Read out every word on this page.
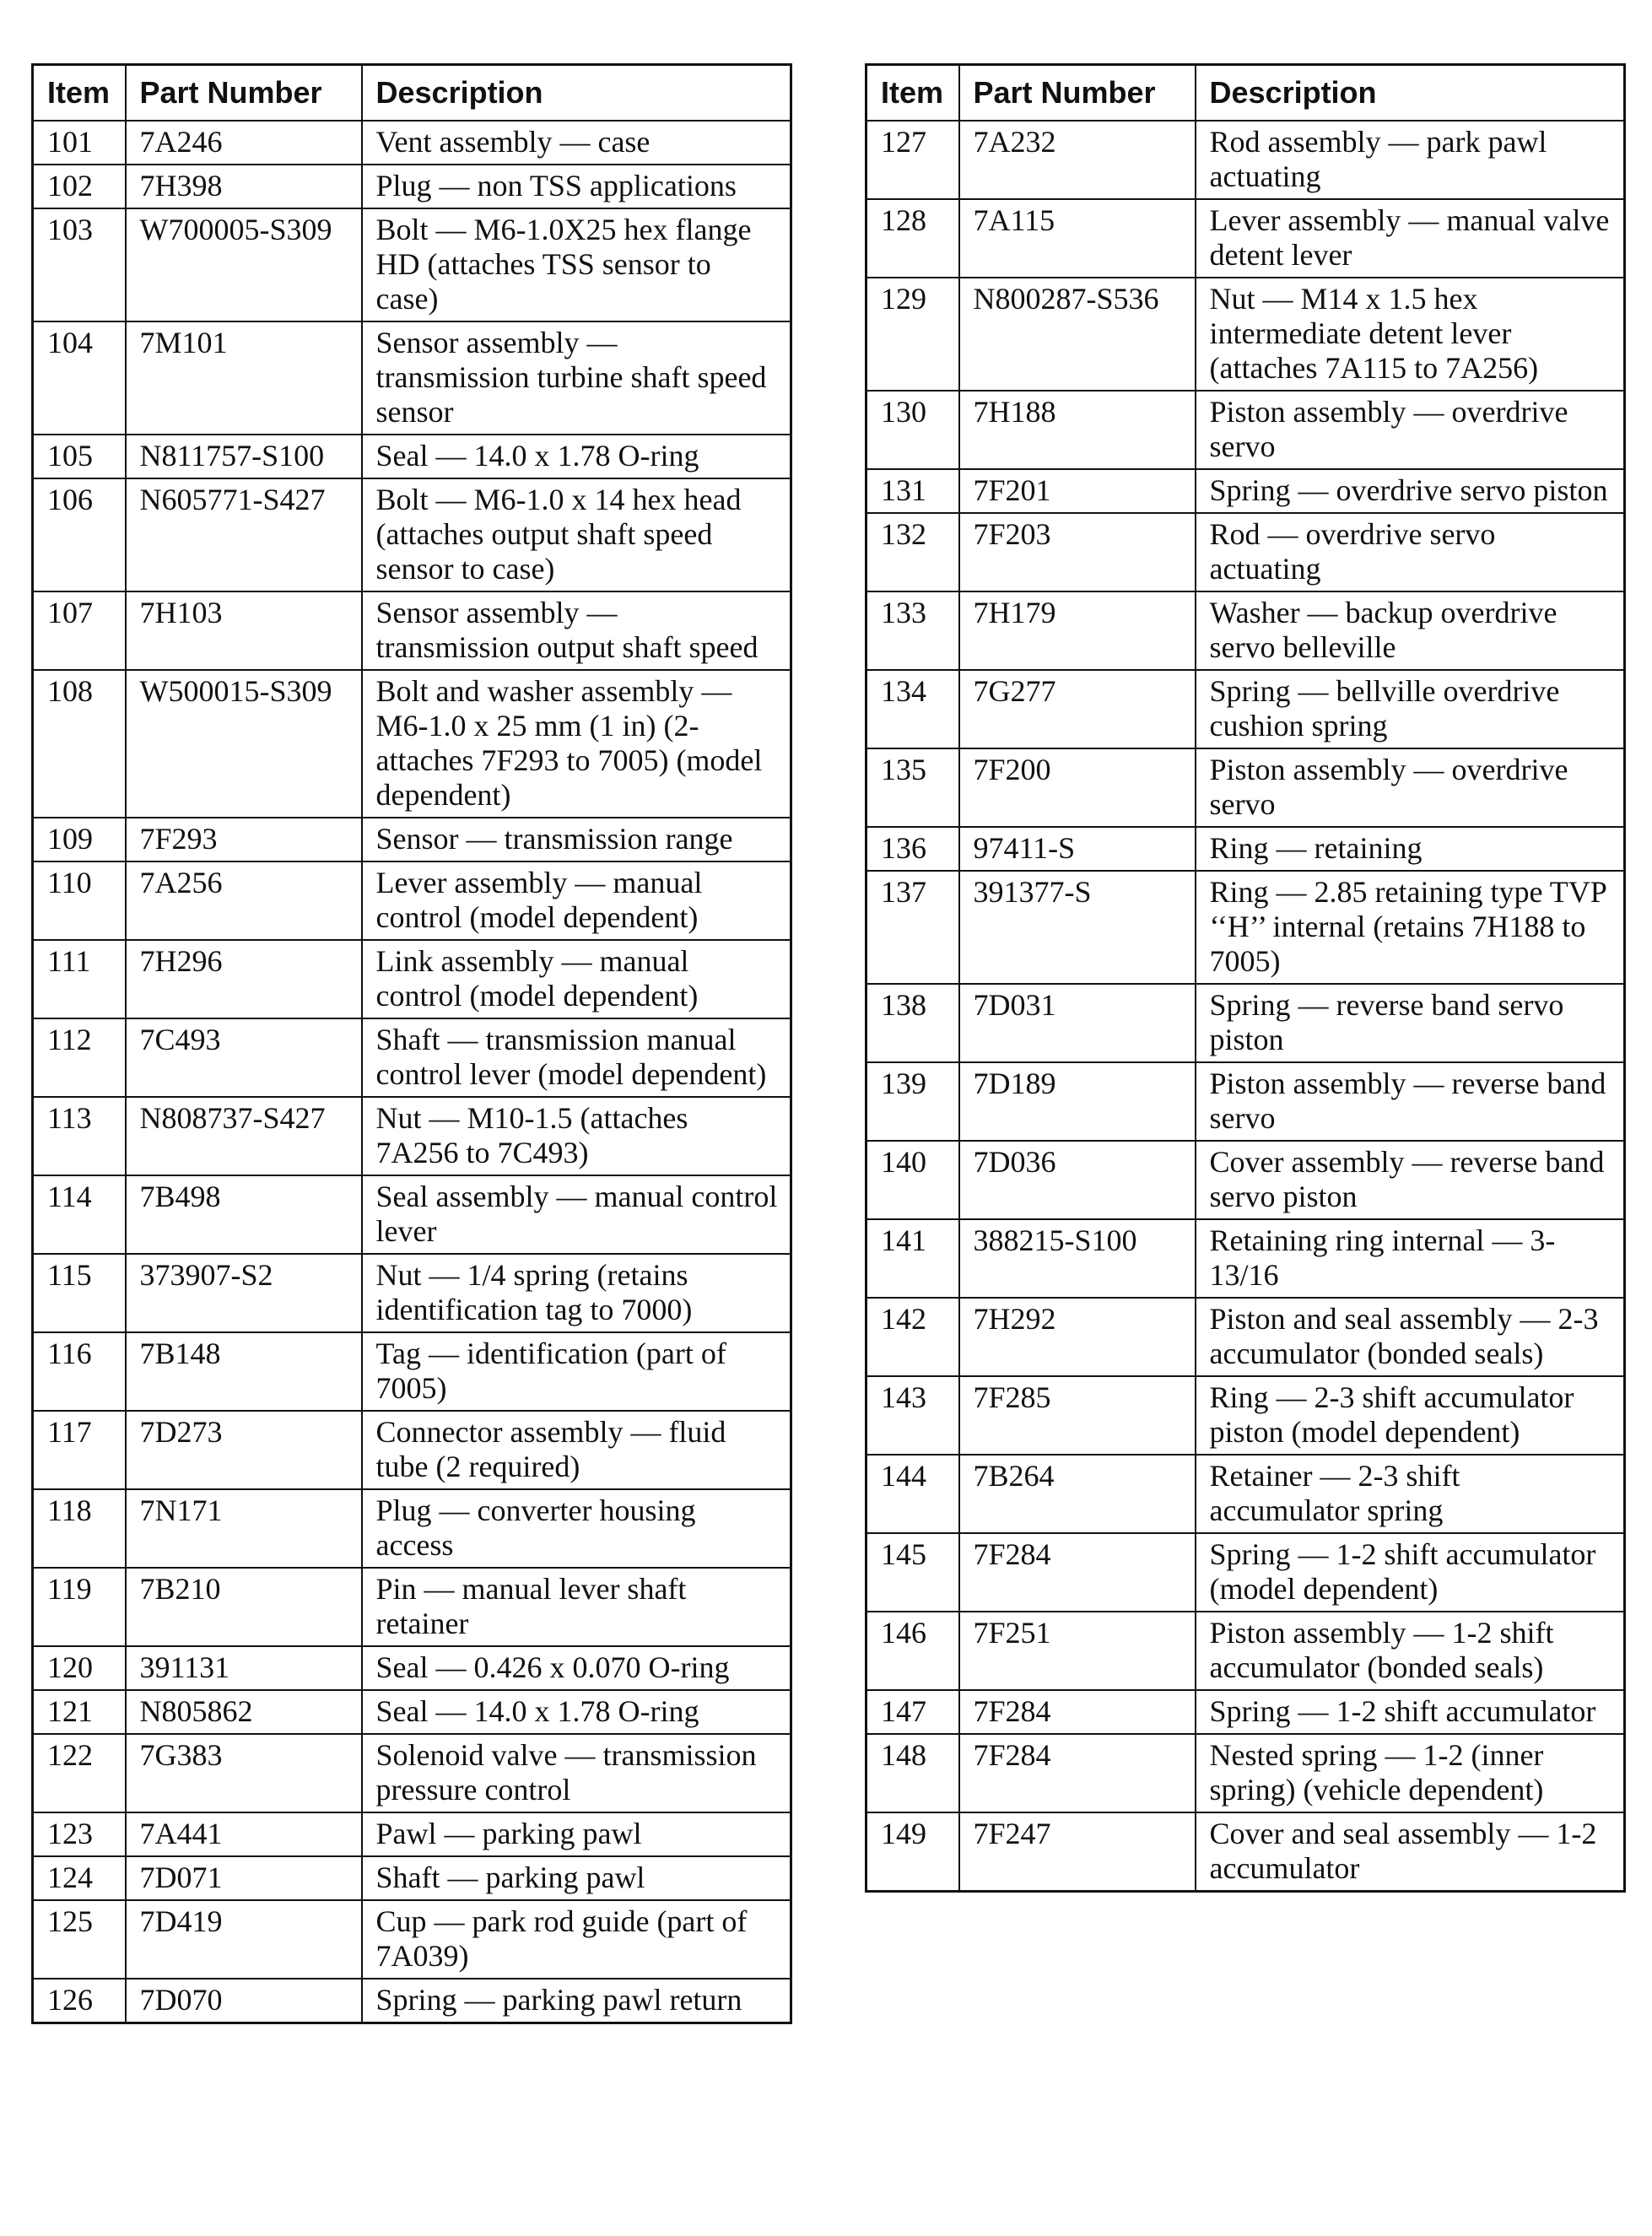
Item	Part Number	Description
101	7A246	Vent assembly — case
102	7H398	Plug — non TSS applications
103	W700005-S309	Bolt — M6-1.0X25 hex flange HD (attaches TSS sensor to case)
104	7M101	Sensor assembly — transmission turbine shaft speed sensor
105	N811757-S100	Seal — 14.0 x 1.78 O-ring
106	N605771-S427	Bolt — M6-1.0 x 14 hex head (attaches output shaft speed sensor to case)
107	7H103	Sensor assembly — transmission output shaft speed
108	W500015-S309	Bolt and washer assembly — M6-1.0 x 25 mm (1 in) (2-attaches 7F293 to 7005) (model dependent)
109	7F293	Sensor — transmission range
110	7A256	Lever assembly — manual control (model dependent)
111	7H296	Link assembly — manual control (model dependent)
112	7C493	Shaft — transmission manual control lever (model dependent)
113	N808737-S427	Nut — M10-1.5 (attaches 7A256 to 7C493)
114	7B498	Seal assembly — manual control lever
115	373907-S2	Nut — 1/4 spring (retains identification tag to 7000)
116	7B148	Tag — identification (part of 7005)
117	7D273	Connector assembly — fluid tube (2 required)
118	7N171	Plug — converter housing access
119	7B210	Pin — manual lever shaft retainer
120	391131	Seal — 0.426 x 0.070 O-ring
121	N805862	Seal — 14.0 x 1.78 O-ring
122	7G383	Solenoid valve — transmission pressure control
123	7A441	Pawl — parking pawl
124	7D071	Shaft — parking pawl
125	7D419	Cup — park rod guide (part of 7A039)
126	7D070	Spring — parking pawl return
Item	Part Number	Description
127	7A232	Rod assembly — park pawl actuating
128	7A115	Lever assembly — manual valve detent lever
129	N800287-S536	Nut — M14 x 1.5 hex intermediate detent lever (attaches 7A115 to 7A256)
130	7H188	Piston assembly — overdrive servo
131	7F201	Spring — overdrive servo piston
132	7F203	Rod — overdrive servo actuating
133	7H179	Washer — backup overdrive servo belleville
134	7G277	Spring — bellville overdrive cushion spring
135	7F200	Piston assembly — overdrive servo
136	97411-S	Ring — retaining
137	391377-S	Ring — 2.85 retaining type TVP ‘‘H’’ internal (retains 7H188 to 7005)
138	7D031	Spring — reverse band servo piston
139	7D189	Piston assembly — reverse band servo
140	7D036	Cover assembly — reverse band servo piston
141	388215-S100	Retaining ring internal — 3-13/16
142	7H292	Piston and seal assembly — 2-3 accumulator (bonded seals)
143	7F285	Ring — 2-3 shift accumulator piston (model dependent)
144	7B264	Retainer — 2-3 shift accumulator spring
145	7F284	Spring — 1-2 shift accumulator (model dependent)
146	7F251	Piston assembly — 1-2 shift accumulator (bonded seals)
147	7F284	Spring — 1-2 shift accumulator
148	7F284	Nested spring — 1-2 (inner spring) (vehicle dependent)
149	7F247	Cover and seal assembly — 1-2 accumulator
